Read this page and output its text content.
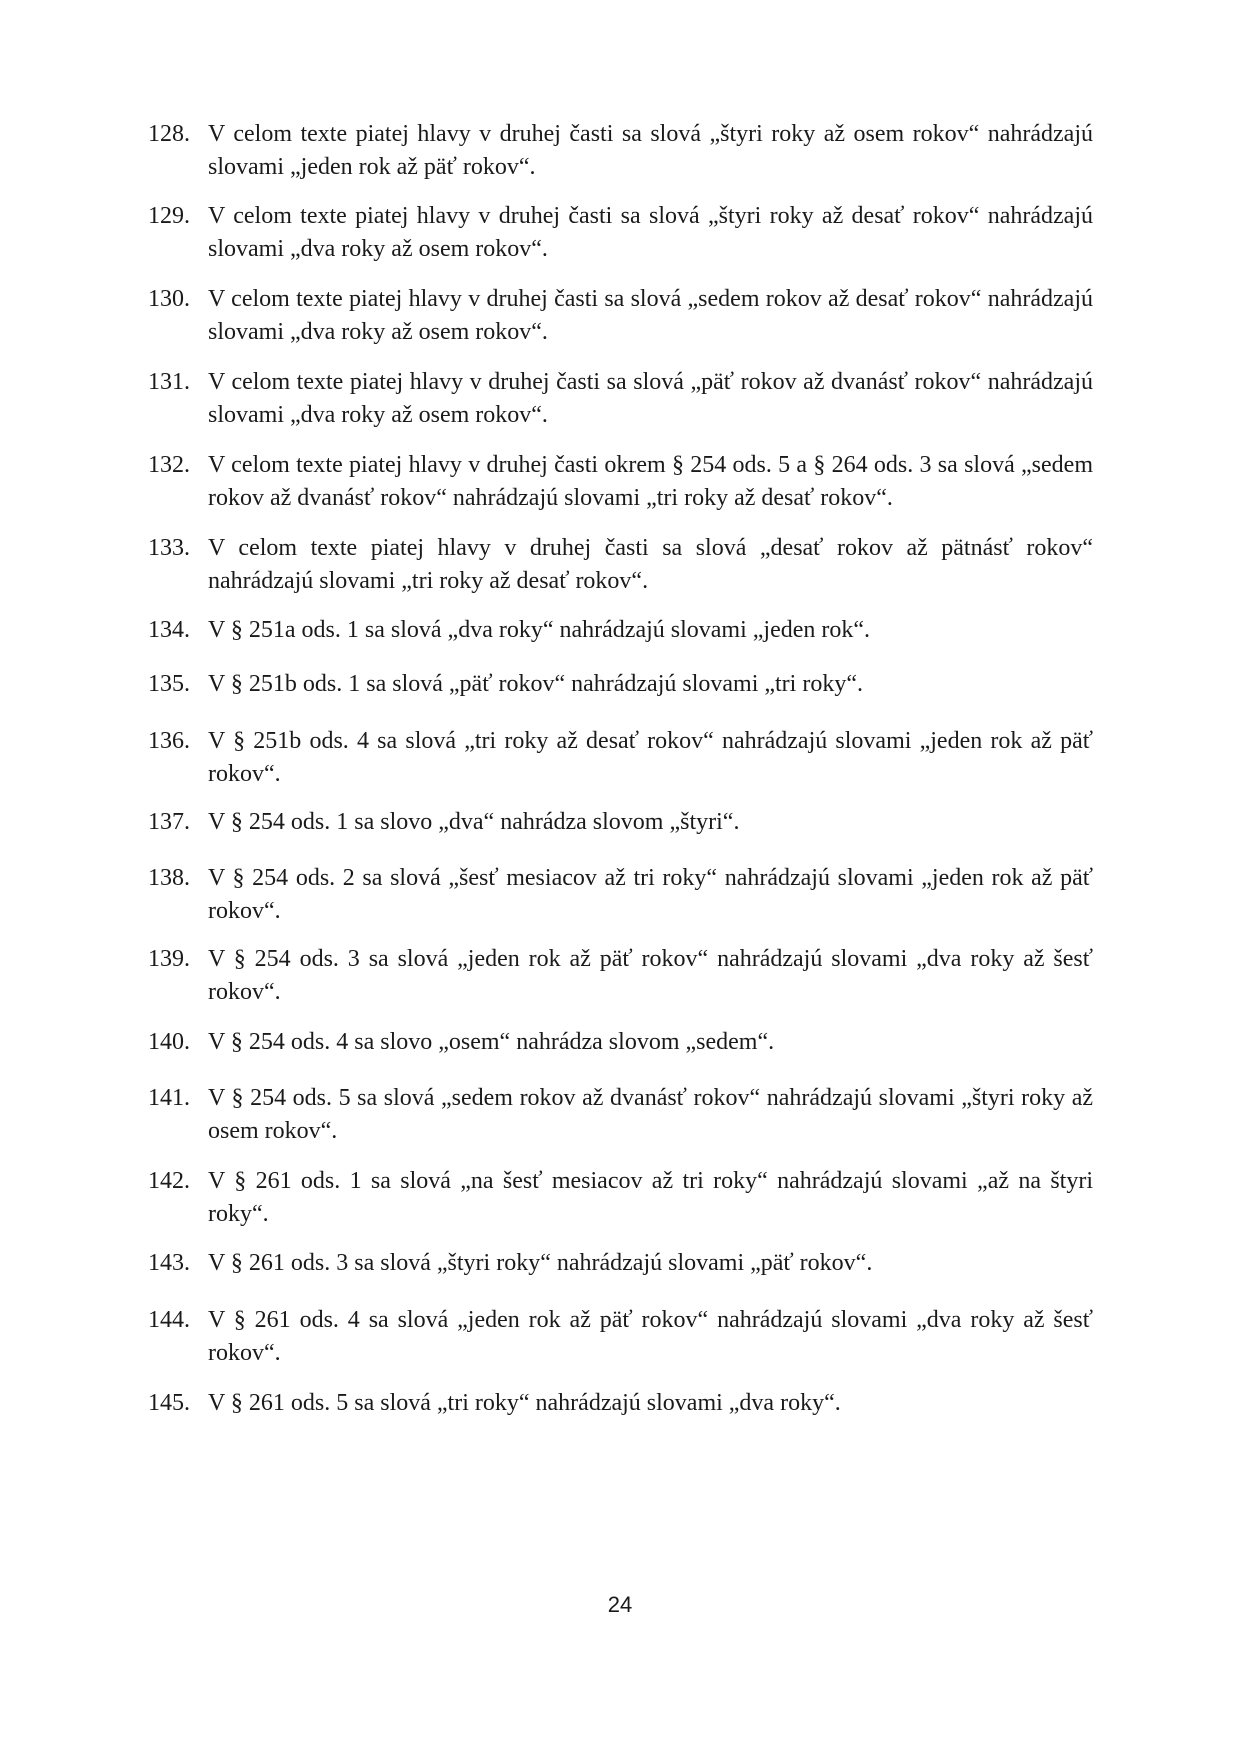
128. V celom texte piatej hlavy v druhej časti sa slová „štyri roky až osem rokov“ nahrádzajú slovami „jeden rok až päť rokov“.
129. V celom texte piatej hlavy v druhej časti sa slová „štyri roky až desať rokov“ nahrádzajú slovami „dva roky až osem rokov“.
130. V celom texte piatej hlavy v druhej časti sa slová „sedem rokov až desať rokov“ nahrádzajú slovami „dva roky až osem rokov“.
131. V celom texte piatej hlavy v druhej časti sa slová „päť rokov až dvanásť rokov“ nahrádzajú slovami „dva roky až osem rokov“.
132. V celom texte piatej hlavy v druhej časti okrem § 254 ods. 5 a § 264 ods. 3 sa slová „sedem rokov až dvanásť rokov“ nahrádzajú slovami „tri roky až desať rokov“.
133. V celom texte piatej hlavy v druhej časti sa slová „desať rokov až pätnásť rokov“ nahrádzajú slovami „tri roky až desať rokov“.
134. V § 251a ods. 1 sa slová „dva roky“ nahrádzajú slovami „jeden rok“.
135. V § 251b ods. 1 sa slová „päť rokov“ nahrádzajú slovami „tri roky“.
136. V § 251b ods. 4 sa slová „tri roky až desať rokov“ nahrádzajú slovami „jeden rok až päť rokov“.
137. V § 254 ods. 1 sa slovo „dva“ nahrádza slovom „štyri“.
138. V § 254 ods. 2 sa slová „šesť mesiacov až tri roky“ nahrádzajú slovami „jeden rok až päť rokov“.
139. V § 254 ods. 3 sa slová „jeden rok až päť rokov“ nahrádzajú slovami „dva roky až šesť rokov“.
140. V § 254 ods. 4 sa slovo „osem“ nahrádza slovom „sedem“.
141. V § 254 ods. 5 sa slová „sedem rokov až dvanásť rokov“ nahrádzajú slovami „štyri roky až osem rokov“.
142. V § 261 ods. 1 sa slová „na šesť mesiacov až tri roky“ nahrádzajú slovami „až na štyri roky“.
143. V § 261 ods. 3 sa slová „štyri roky“ nahrádzajú slovami „päť rokov“.
144. V § 261 ods. 4 sa slová „jeden rok až päť rokov“ nahrádzajú slovami „dva roky až šesť rokov“.
145. V § 261 ods. 5 sa slová „tri roky“ nahrádzajú slovami „dva roky“.
24
